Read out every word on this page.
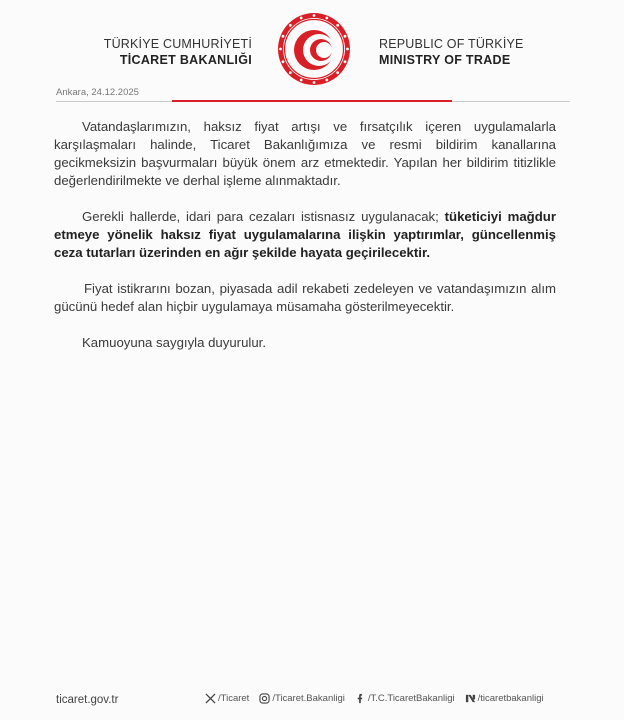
TÜRKİYE CUMHURİYETİ
TİCARET BAKANLIĞI
REPUBLIC OF TÜRKİYE
MINISTRY OF TRADE
Ankara, 24.12.2025

Vatandaşlarımızın, haksız fiyat artışı ve fırsatçılık içeren uygulamalarla karşılaşmaları halinde, Ticaret Bakanlığımıza ve resmi bildirim kanallarına gecikmeksizin başvurmaları büyük önem arz etmektedir. Yapılan her bildirim titizlikle değerlendirilmekte ve derhal işleme alınmaktadır.

Gerekli hallerde, idari para cezaları istisnasız uygulanacak; tüketiciyi mağdur etmeye yönelik haksız fiyat uygulamalarına ilişkin yaptırımlar, güncellenmiş ceza tutarları üzerinden en ağır şekilde hayata geçirilecektir.

Fiyat istikrarını bozan, piyasada adil rekabeti zedeleyen ve vatandaşımızın alım gücünü hedef alan hiçbir uygulamaya müsamaha gösterilmeyecektir.

Kamuoyuna saygıyla duyurulur.

ticaret.gov.tr	/Ticaret /Ticaret.Bakanligi /T.C.TicaretBakanligi /ticaretbakanligi
